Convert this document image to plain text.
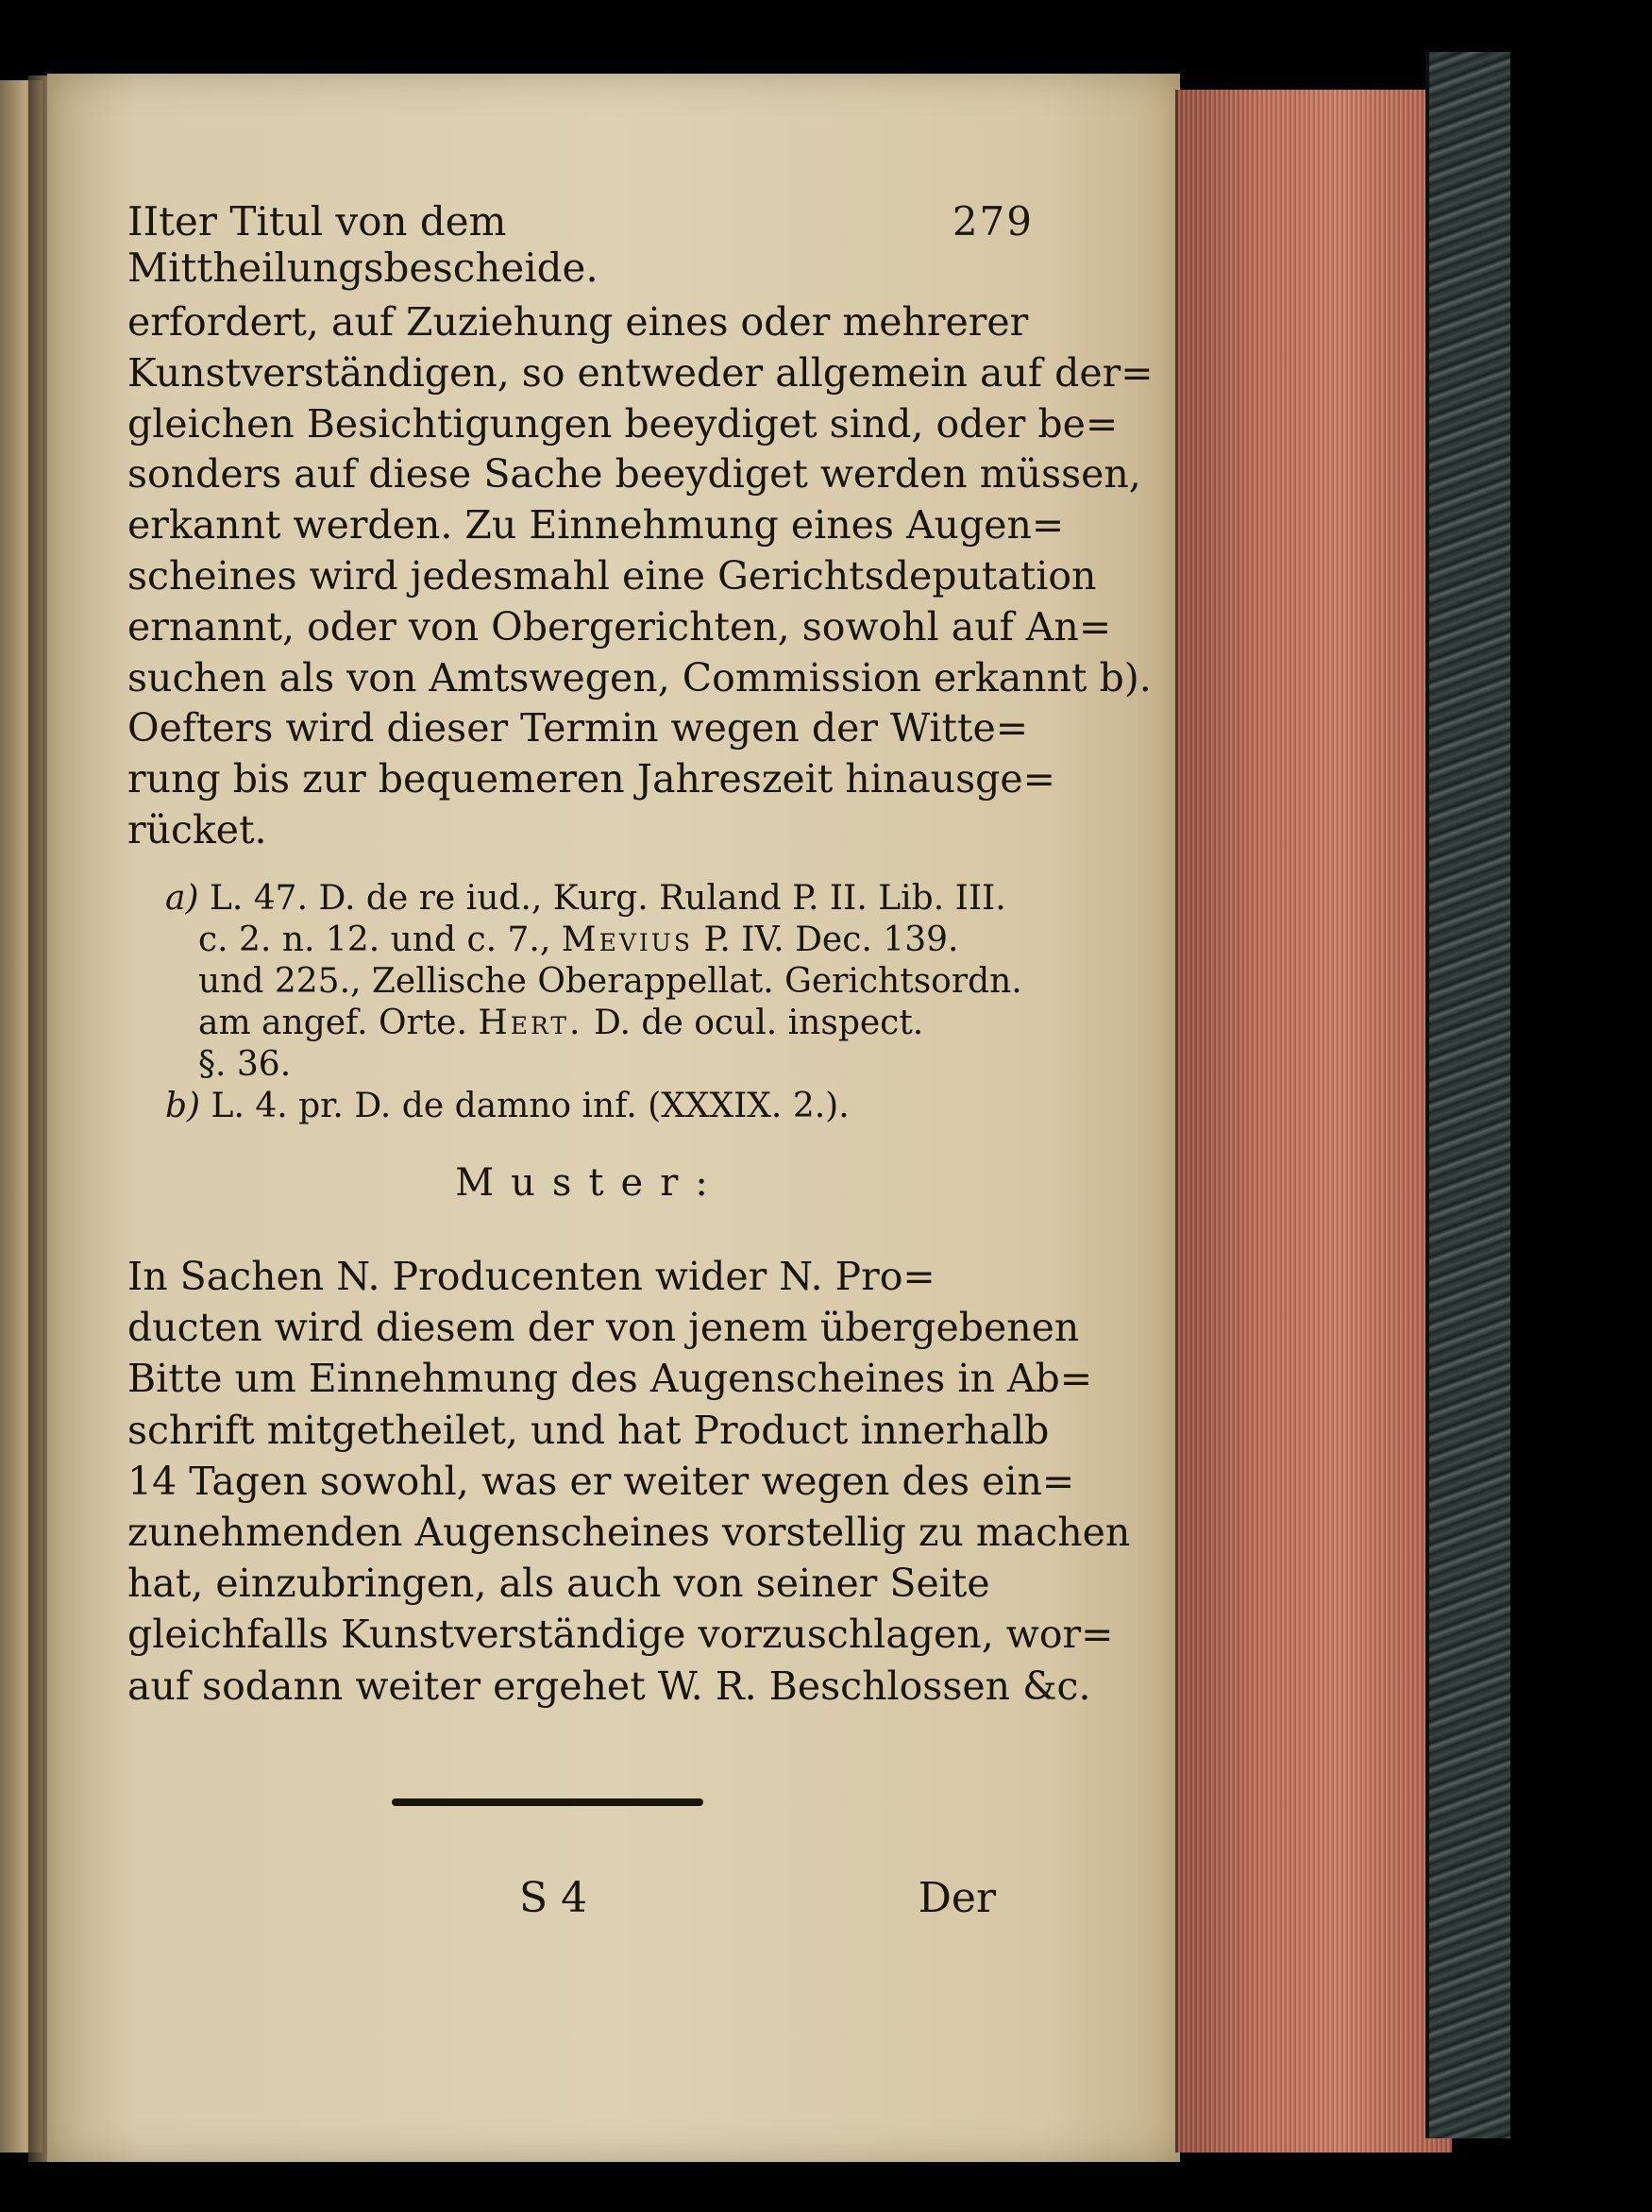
IIter Titul von dem Mittheilungsbescheide.
279
erfordert, auf Zuziehung eines oder mehrerer
Kunstverständigen, so entweder allgemein auf der=
gleichen Besichtigungen beeydiget sind, oder be=
sonders auf diese Sache beeydiget werden müssen,
erkannt werden. Zu Einnehmung eines Augen=
scheines wird jedesmahl eine Gerichtsdeputation
ernannt, oder von Obergerichten, sowohl auf An=
suchen als von Amtswegen, Commission erkannt b).
Oefters wird dieser Termin wegen der Witte=
rung bis zur bequemeren Jahreszeit hinausge=
rücket.
a) L. 47. D. de re iud., Kurg. Ruland P. II. Lib. III.
c. 2. n. 12. und c. 7., Mevius P. IV. Dec. 139.
und 225., Zellische Oberappellat. Gerichtsordn.
am angef. Orte. Hert. D. de ocul. inspect.
§. 36.
b) L. 4. pr. D. de damno inf. (XXXIX. 2.).
Muster:
In Sachen N. Producenten wider N. Pro=
ducten wird diesem der von jenem übergebenen
Bitte um Einnehmung des Augenscheines in Ab=
schrift mitgetheilet, und hat Product innerhalb
14 Tagen sowohl, was er weiter wegen des ein=
zunehmenden Augenscheines vorstellig zu machen
hat, einzubringen, als auch von seiner Seite
gleichfalls Kunstverständige vorzuschlagen, wor=
auf sodann weiter ergehet W. R. Beschlossen &c.
S 4	Der
